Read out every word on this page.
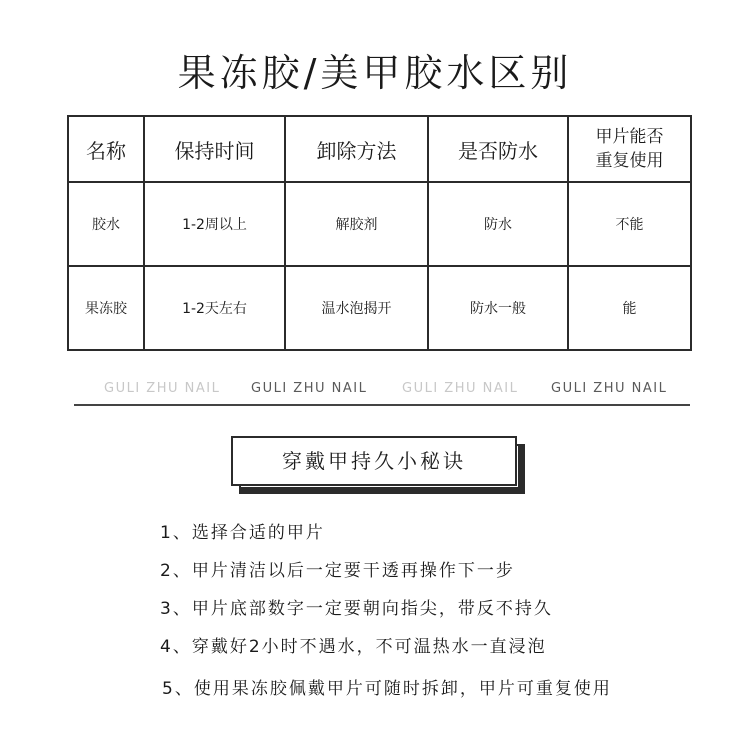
果冻胶/美甲胶水区别
名称	保持时间	卸除方法	是否防水	甲片能否
重复使用
胶水	1-2周以上	解胶剂	防水	不能
果冻胶	1-2天左右	温水泡揭开	防水一般	能
GULI ZHU NAIL GULI ZHU NAIL	GULI ZHU NAIL	GULI ZHU NAIL
穿戴甲持久小秘诀
1、选择合适的甲片
2、甲片清洁以后一定要干透再操作下一步
3、甲片底部数字一定要朝向指尖，带反不持久
4、穿戴好2小时不遇水，不可温热水一直浸泡
5、使用果冻胶佩戴甲片可随时拆卸，甲片可重复使用
